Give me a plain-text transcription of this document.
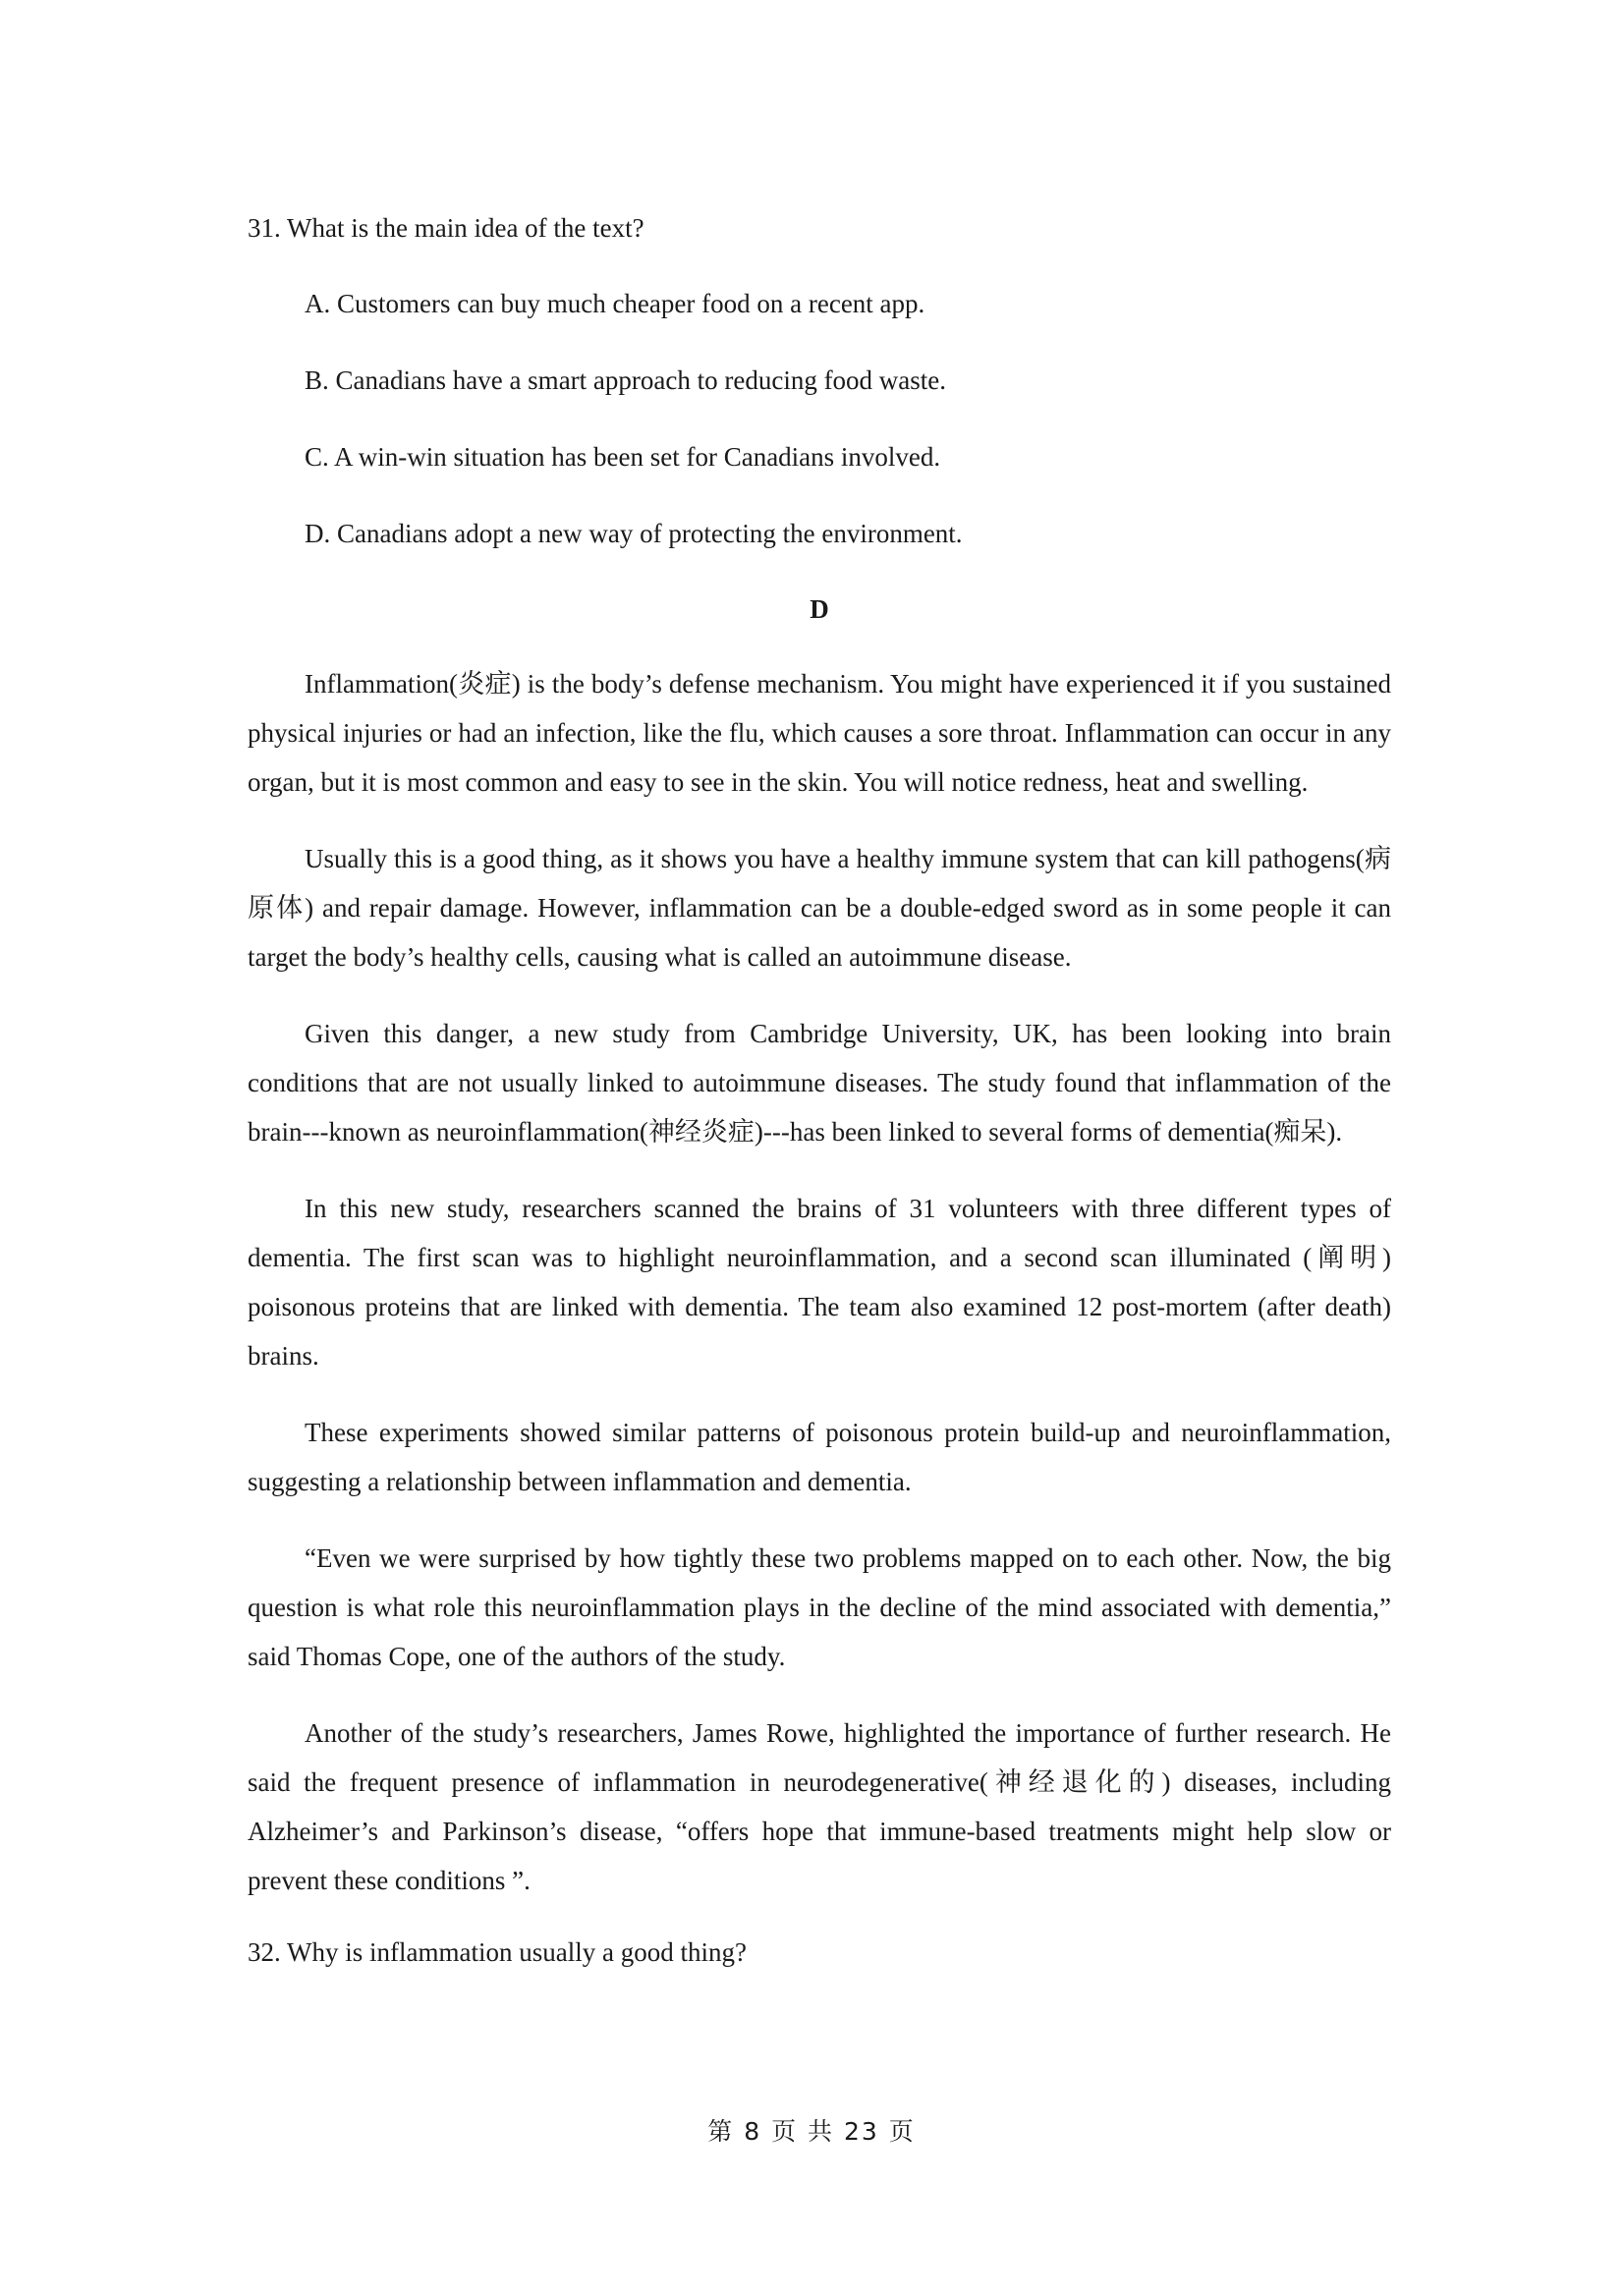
31. What is the main idea of the text?

A. Customers can buy much cheaper food on a recent app.

B. Canadians have a smart approach to reducing food waste.

C. A win-win situation has been set for Canadians involved.

D. Canadians adopt a new way of protecting the environment.

D

Inflammation(炎症) is the body’s defense mechanism. You might have experienced it if you sustained physical injuries or had an infection, like the flu, which causes a sore throat. Inflammation can occur in any organ, but it is most common and easy to see in the skin. You will notice redness, heat and swelling.

Usually this is a good thing, as it shows you have a healthy immune system that can kill pathogens(病原体) and repair damage. However, inflammation can be a double-edged sword as in some people it can target the body’s healthy cells, causing what is called an autoimmune disease.

Given this danger, a new study from Cambridge University, UK, has been looking into brain conditions that are not usually linked to autoimmune diseases. The study found that inflammation of the brain---known as neuroinflammation(神经炎症)---has been linked to several forms of dementia(痴呆).

In this new study, researchers scanned the brains of 31 volunteers with three different types of dementia. The first scan was to highlight neuroinflammation, and a second scan illuminated (阐明) poisonous proteins that are linked with dementia. The team also examined 12 post-mortem (after death) brains.

These experiments showed similar patterns of poisonous protein build-up and neuroinflammation, suggesting a relationship between inflammation and dementia.

“Even we were surprised by how tightly these two problems mapped on to each other. Now, the big question is what role this neuroinflammation plays in the decline of the mind associated with dementia,” said Thomas Cope, one of the authors of the study.

Another of the study’s researchers, James Rowe, highlighted the importance of further research. He said the frequent presence of inflammation in neurodegenerative(神经退化的) diseases, including Alzheimer’s and Parkinson’s disease, “offers hope that immune-based treatments might help slow or prevent these conditions ”.

32. Why is inflammation usually a good thing?

第 8 页 共 23 页
